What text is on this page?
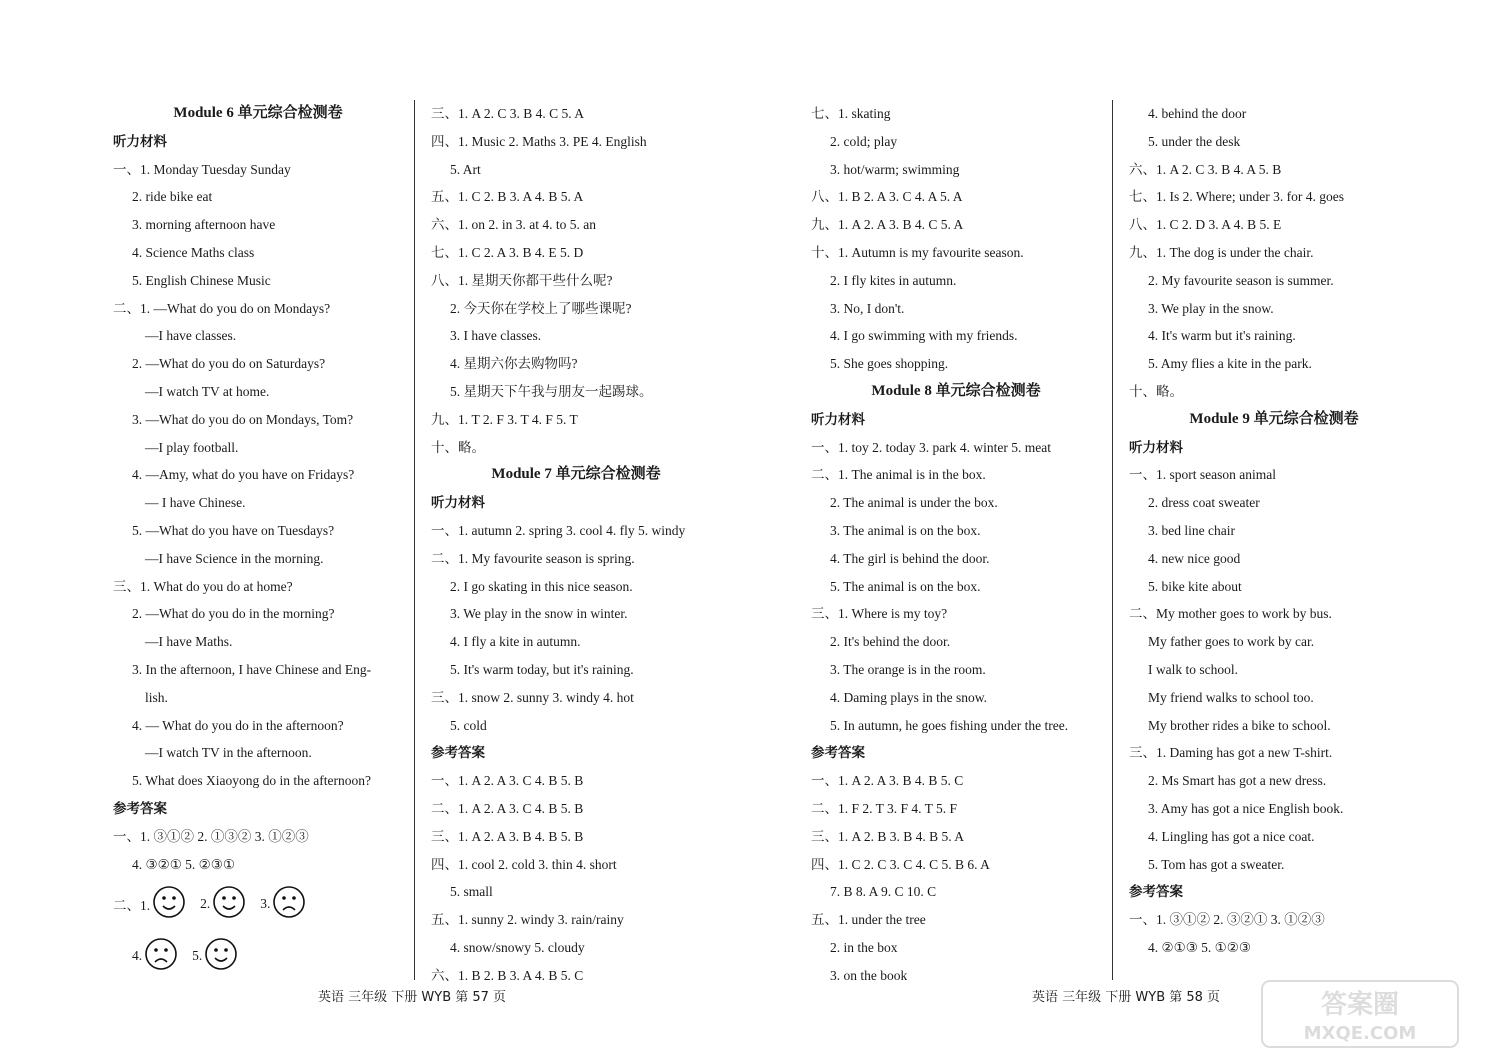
Module 6 单元综合检测卷
听力材料
一、1. Monday Tuesday Sunday
2. ride bike eat
3. morning afternoon have
4. Science Maths class
5. English Chinese Music
二、1. —What do you do on Mondays?
—I have classes.
2. —What do you do on Saturdays?
—I watch TV at home.
3. —What do you do on Mondays, Tom?
—I play football.
4. —Amy, what do you have on Fridays?
— I have Chinese.
5. —What do you have on Tuesdays?
—I have Science in the morning.
三、1. What do you do at home?
2. —What do you do in the morning?
—I have Maths.
3. In the afternoon, I have Chinese and Eng-
lish.
4. — What do you do in the afternoon?
—I watch TV in the afternoon.
5. What does Xiaoyong do in the afternoon?
参考答案
一、1. ③①② 2. ①③② 3. ①②③
4. ③②① 5. ②③①
二、1.	2.	3.
4.	5.
三、1. A 2. C 3. B 4. C 5. A
四、1. Music 2. Maths 3. PE 4. English
5. Art
五、1. C 2. B 3. A 4. B 5. A
六、1. on 2. in 3. at 4. to 5. an
七、1. C 2. A 3. B 4. E 5. D
八、1. 星期天你都干些什么呢?
2. 今天你在学校上了哪些课呢?
3. I have classes.
4. 星期六你去购物吗?
5. 星期天下午我与朋友一起踢球。
九、1. T 2. F 3. T 4. F 5. T
十、略。
Module 7 单元综合检测卷
听力材料
一、1. autumn 2. spring 3. cool 4. fly 5. windy
二、1. My favourite season is spring.
2. I go skating in this nice season.
3. We play in the snow in winter.
4. I fly a kite in autumn.
5. It's warm today, but it's raining.
三、1. snow 2. sunny 3. windy 4. hot
5. cold
参考答案
一、1. A 2. A 3. C 4. B 5. B
二、1. A 2. A 3. C 4. B 5. B
三、1. A 2. A 3. B 4. B 5. B
四、1. cool 2. cold 3. thin 4. short
5. small
五、1. sunny 2. windy 3. rain/rainy
4. snow/snowy 5. cloudy
六、1. B 2. B 3. A 4. B 5. C
七、1. skating
2. cold; play
3. hot/warm; swimming
八、1. B 2. A 3. C 4. A 5. A
九、1. A 2. A 3. B 4. C 5. A
十、1. Autumn is my favourite season.
2. I fly kites in autumn.
3. No, I don't.
4. I go swimming with my friends.
5. She goes shopping.
Module 8 单元综合检测卷
听力材料
一、1. toy 2. today 3. park 4. winter 5. meat
二、1. The animal is in the box.
2. The animal is under the box.
3. The animal is on the box.
4. The girl is behind the door.
5. The animal is on the box.
三、1. Where is my toy?
2. It's behind the door.
3. The orange is in the room.
4. Daming plays in the snow.
5. In autumn, he goes fishing under the tree.
参考答案
一、1. A 2. A 3. B 4. B 5. C
二、1. F 2. T 3. F 4. T 5. F
三、1. A 2. B 3. B 4. B 5. A
四、1. C 2. C 3. C 4. C 5. B 6. A
7. B 8. A 9. C 10. C
五、1. under the tree
2. in the box
3. on the book
4. behind the door
5. under the desk
六、1. A 2. C 3. B 4. A 5. B
七、1. Is 2. Where; under 3. for 4. goes
八、1. C 2. D 3. A 4. B 5. E
九、1. The dog is under the chair.
2. My favourite season is summer.
3. We play in the snow.
4. It's warm but it's raining.
5. Amy flies a kite in the park.
十、略。
Module 9 单元综合检测卷
听力材料
一、1. sport season animal
2. dress coat sweater
3. bed line chair
4. new nice good
5. bike kite about
二、My mother goes to work by bus.
My father goes to work by car.
I walk to school.
My friend walks to school too.
My brother rides a bike to school.
三、1. Daming has got a new T-shirt.
2. Ms Smart has got a new dress.
3. Amy has got a nice English book.
4. Lingling has got a nice coat.
5. Tom has got a sweater.
参考答案
一、1. ③①② 2. ③②① 3. ①②③
4. ②①③ 5. ①②③
英语 三年级 下册 WYB 第 57 页	英语 三年级 下册 WYB 第 58 页	答案圈
MXQE.COM
